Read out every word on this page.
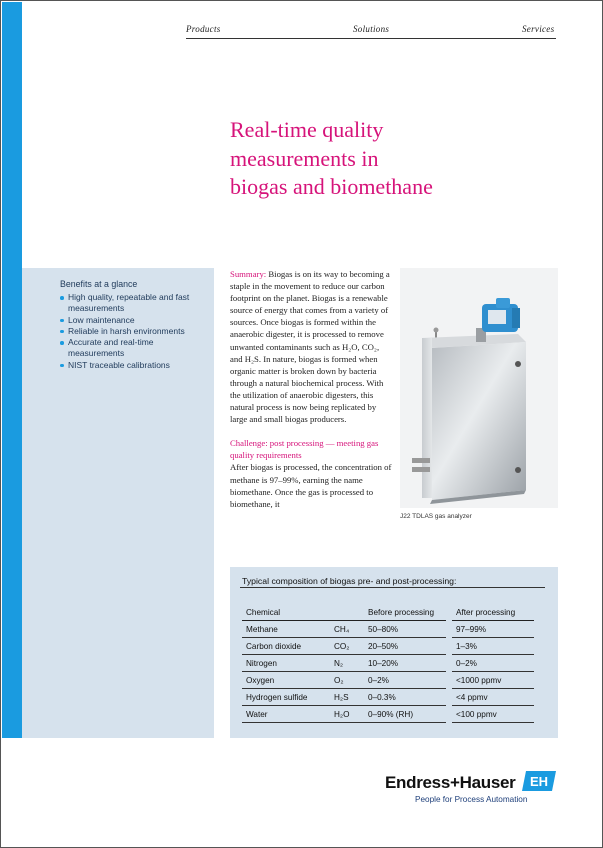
Products	Solutions	Services
Real-time quality
measurements in
biogas and biomethane
Benefits at a glance
High quality, repeatable and fast measurements
Low maintenance
Reliable in harsh environments
Accurate and real-time measurements
NIST traceable calibrations

Summary: Biogas is on its way to becoming a staple in the movement to reduce our carbon footprint on the planet. Biogas is a renewable source of energy that comes from a variety of sources. Once biogas is formed within the anaerobic digester, it is processed to remove unwanted contaminants such as H₂O, CO₂, and H₂S. In nature, biogas is formed when organic matter is broken down by bacteria through a natural biochemical process. With the utilization of anaerobic digesters, this natural process is now being replicated by large and small biogas producers.

Challenge: post processing — meeting gas quality requirements

After biogas is processed, the concentration of methane is 97–99%, earning the name biomethane. Once the gas is processed to biomethane, it

J22 TDLAS gas analyzer
Typical composition of biogas pre- and post-processing:
Chemical		Before processing		After processing
Methane	CH₄	50–80%		97–99%
Carbon dioxide	CO₂	20–50%		1–3%
Nitrogen	N₂	10–20%		0–2%
Oxygen	O₂	0–2%		<1000 ppmv
Hydrogen sulfide	H₂S	0–0.3%		<4 ppmv
Water	H₂O	0–90% (RH)		<100 ppmv
Endress+Hauser
People for Process Automation
EH
